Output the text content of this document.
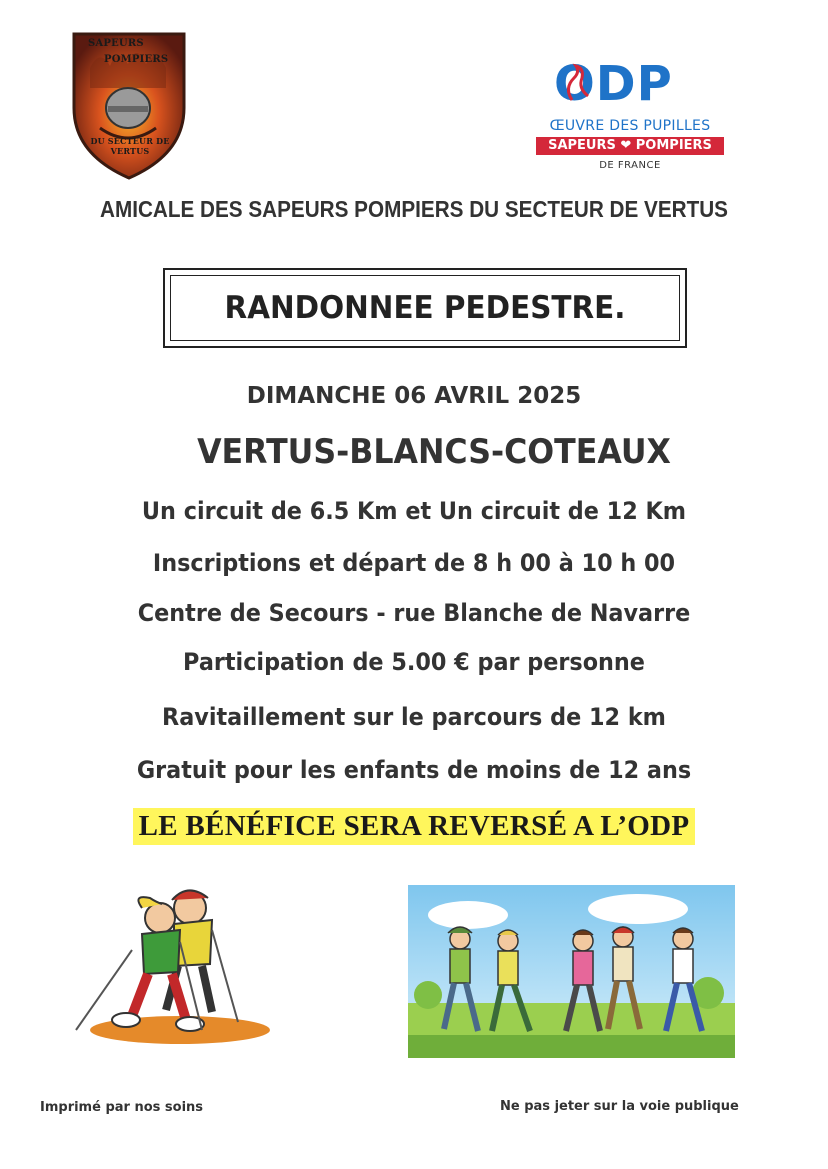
SAPEURS
POMPIERS
DU SECTEUR DE VERTUS
ODP
ŒUVRE DES PUPILLES
SAPEURS ❤ POMPIERS
DE FRANCE
AMICALE DES SAPEURS POMPIERS DU SECTEUR DE VERTUS
RANDONNEE PEDESTRE.
DIMANCHE 06 AVRIL 2025
VERTUS-BLANCS-COTEAUX
Un circuit de 6.5 Km et Un circuit de 12 Km
Inscriptions et départ de 8 h 00 à 10 h 00
Centre de Secours - rue Blanche de Navarre
Participation de 5.00 € par personne
Ravitaillement sur le parcours de 12 km
Gratuit pour les enfants de moins de 12 ans
LE BÉNÉFICE SERA REVERSÉ A L’ODP
Imprimé par nos soins	Ne pas jeter sur la voie publique
